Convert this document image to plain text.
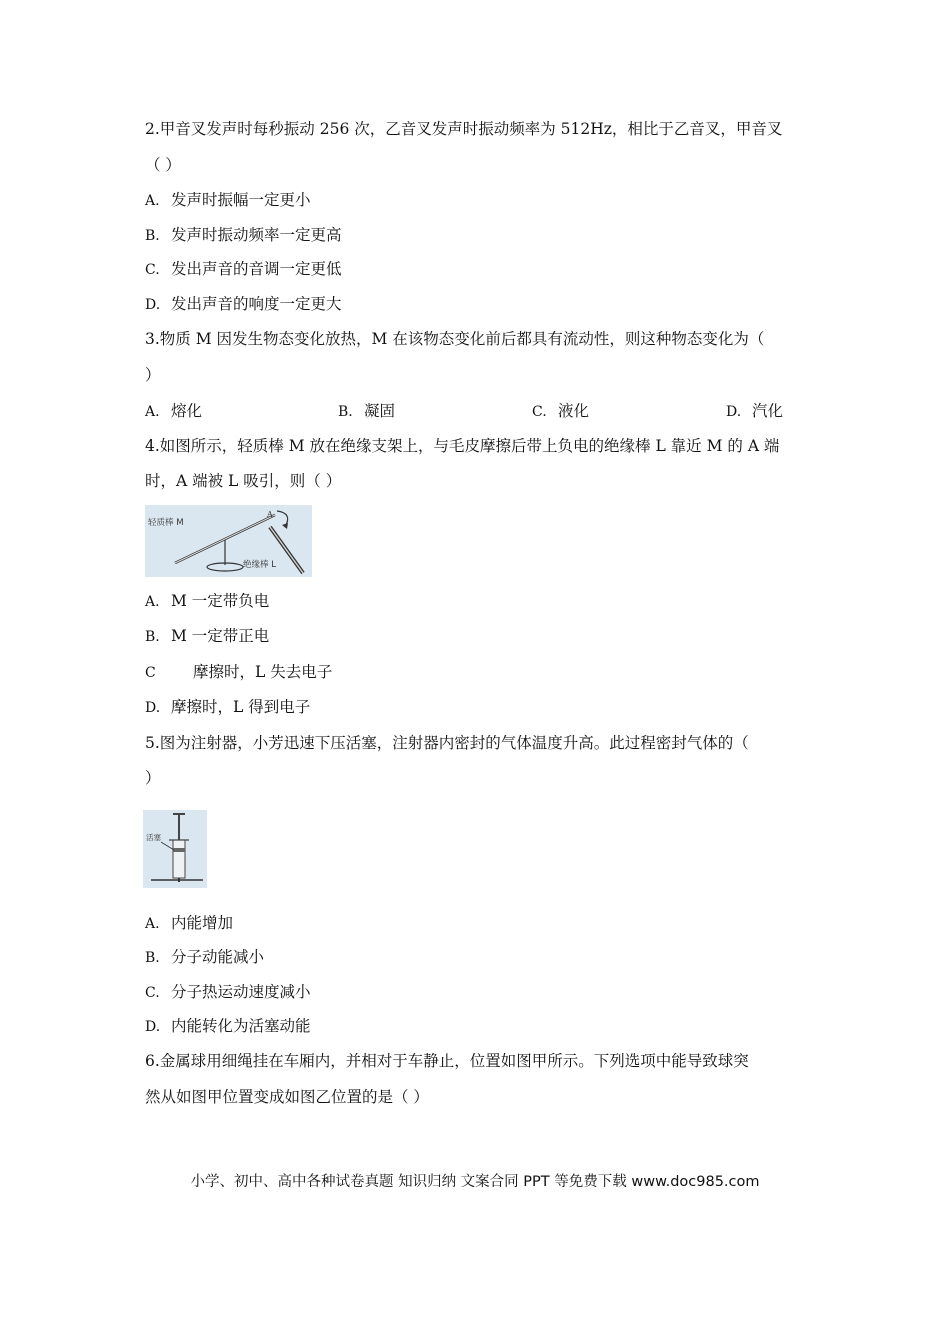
2.甲音叉发声时每秒振动 256 次，乙音叉发声时振动频率为 512Hz，相比于乙音叉，甲音叉
（ ）
A. 发声时振幅一定更小
B. 发声时振动频率一定更高
C. 发出声音的音调一定更低
D. 发出声音的响度一定更大
3.物质 M 因发生物态变化放热，M 在该物态变化前后都具有流动性，则这种物态变化为（
）
A. 熔化	B. 凝固	C. 液化	D. 汽化
4.如图所示，轻质棒 M 放在绝缘支架上，与毛皮摩擦后带上负电的绝缘棒 L 靠近 M 的 A 端
时，A 端被 L 吸引，则（ ）
轻质棒 M
A
绝缘棒 L
A. M 一定带负电
B. M 一定带正电
C 摩擦时，L 失去电子
D. 摩擦时，L 得到电子
5.图为注射器，小芳迅速下压活塞，注射器内密封的气体温度升高。此过程密封气体的（
）
活塞
A. 内能增加
B. 分子动能减小
C. 分子热运动速度减小
D. 内能转化为活塞动能
6.金属球用细绳挂在车厢内，并相对于车静止，位置如图甲所示。下列选项中能导致球突
然从如图甲位置变成如图乙位置的是（ ）
小学、初中、高中各种试卷真题 知识归纳 文案合同 PPT 等免费下载 www.doc985.com
